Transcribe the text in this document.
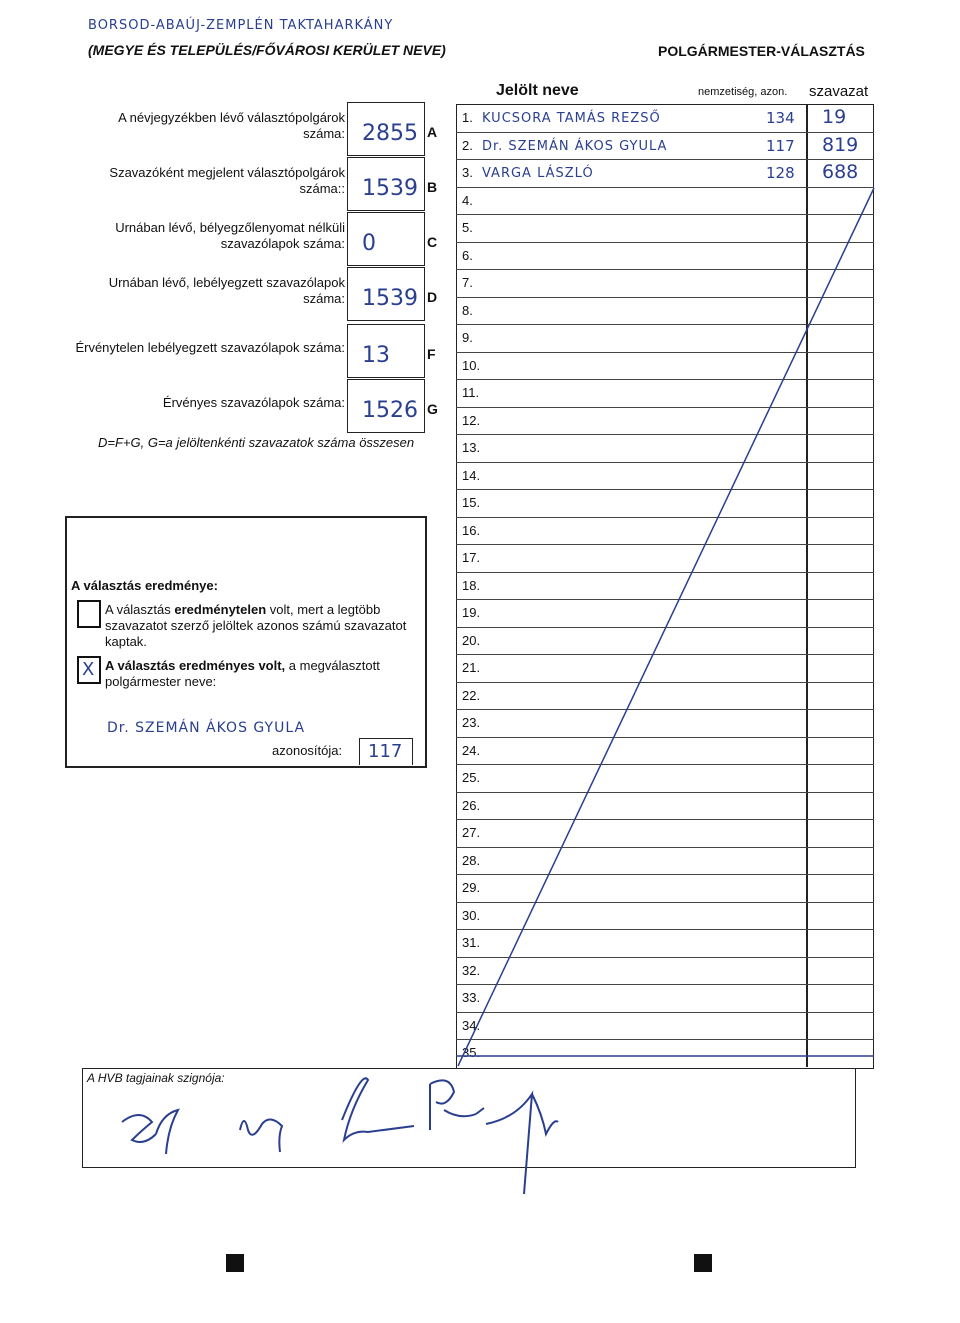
BORSOD-ABAÚJ-ZEMPLÉN TAKTAHARKÁNY
(MEGYE ÉS TELEPÜLÉS/FŐVÁROSI KERÜLET NEVE)	POLGÁRMESTER-VÁLASZTÁS
A névjegyzékben lévő választópolgárok
száma: 2855 A
Szavazóként megjelent választópolgárok
száma:: 1539 B
Urnában lévő, bélyegzőlenyomat nélküli
szavazólapok száma: 0	C
Urnában lévő, lebélyegzett szavazólapok
száma: 1539 D
Érvénytelen lebélyegzett szavazólapok száma: 13	F
Érvényes szavazólapok száma: 1526 G
D=F+G, G=a jelöltenkénti szavazatok száma összesen
Jelölt neve	nemzetiség, azon. szavazat
1. KUCSORA TAMÁS REZSŐ	134 19
2. Dr. SZEMÁN ÁKOS GYULA	117 819
3. VARGA LÁSZLÓ	128 688
4.
5.
6.
7.
8.
9.
10.
11.
12.
13.
14.
15.
16.
17.
18.
19.
20.
21.
22.
23.
24.
25.
26.
27.
28.
29.
30.
31.
32.
33.
34.
35.
A választás eredménye:
A választás eredménytelen volt, mert a legtöbb szavazatot szerző jelöltek azonos számú szavazatot kaptak.
X A választás eredményes volt, a megválasztott polgármester neve:
Dr. SZEMÁN ÁKOS GYULA
azonosítója: 117
A HVB tagjainak szignója:
